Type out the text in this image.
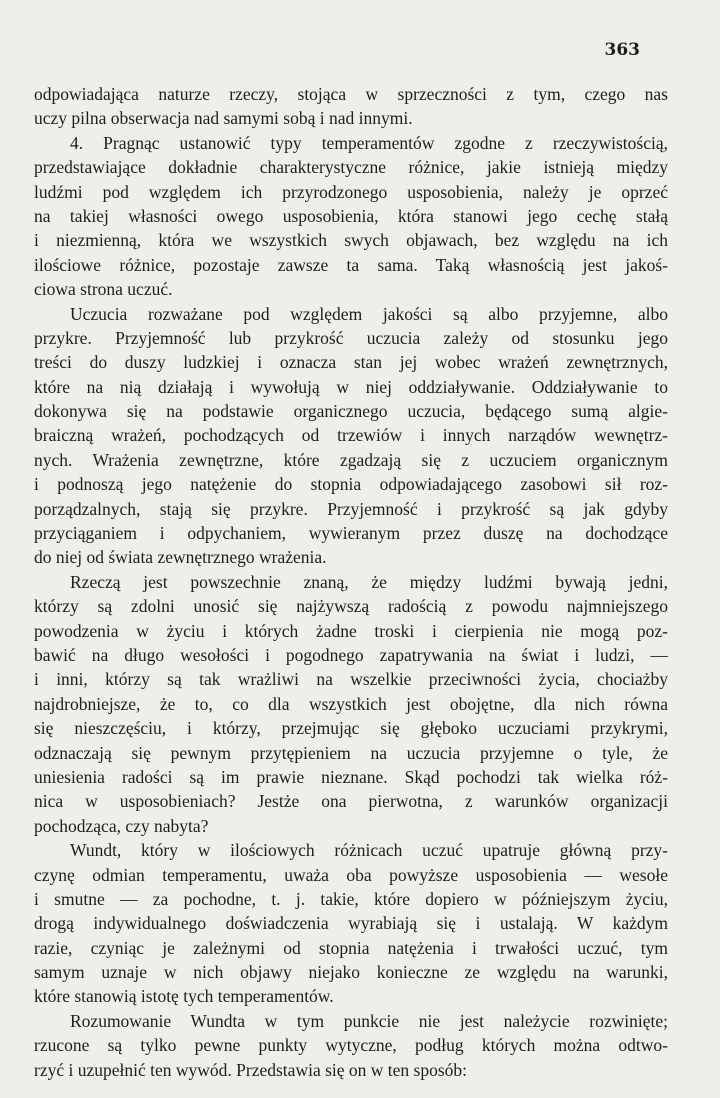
363
odpowiadająca naturze rzeczy, stojąca w sprzeczności z tym, czego nas
uczy pilna obserwacja nad samymi sobą i nad innymi.
4. Pragnąc ustanowić typy temperamentów zgodne z rzeczywistością,
przedstawiające dokładnie charakterystyczne różnice, jakie istnieją między
ludźmi pod względem ich przyrodzonego usposobienia, należy je oprzeć
na takiej własności owego usposobienia, która stanowi jego cechę stałą
i niezmienną, która we wszystkich swych objawach, bez względu na ich
ilościowe różnice, pozostaje zawsze ta sama. Taką własnością jest jakoś-
ciowa strona uczuć.
Uczucia rozważane pod względem jakości są albo przyjemne, albo
przykre. Przyjemność lub przykrość uczucia zależy od stosunku jego
treści do duszy ludzkiej i oznacza stan jej wobec wrażeń zewnętrznych,
które na nią działają i wywołują w niej oddziaływanie. Oddziaływanie to
dokonywa się na podstawie organicznego uczucia, będącego sumą algie-
braiczną wrażeń, pochodzących od trzewiów i innych narządów wewnętrz-
nych. Wrażenia zewnętrzne, które zgadzają się z uczuciem organicznym
i podnoszą jego natężenie do stopnia odpowiadającego zasobowi sił roz-
porządzalnych, stają się przykre. Przyjemność i przykrość są jak gdyby
przyciąganiem i odpychaniem, wywieranym przez duszę na dochodzące
do niej od świata zewnętrznego wrażenia.
Rzeczą jest powszechnie znaną, że między ludźmi bywają jedni,
którzy są zdolni unosić się najżywszą radością z powodu najmniejszego
powodzenia w życiu i których żadne troski i cierpienia nie mogą poz-
bawić na długo wesołości i pogodnego zapatrywania na świat i ludzi, —
i inni, którzy są tak wrażliwi na wszelkie przeciwności życia, chociażby
najdrobniejsze, że to, co dla wszystkich jest obojętne, dla nich równa
się nieszczęściu, i którzy, przejmując się głęboko uczuciami przykrymi,
odznaczają się pewnym przytępieniem na uczucia przyjemne o tyle, że
uniesienia radości są im prawie nieznane. Skąd pochodzi tak wielka róż-
nica w usposobieniach? Jestże ona pierwotna, z warunków organizacji
pochodząca, czy nabyta?
Wundt, który w ilościowych różnicach uczuć upatruje główną przy-
czynę odmian temperamentu, uważa oba powyższe usposobienia — wesołe
i smutne — za pochodne, t. j. takie, które dopiero w późniejszym życiu,
drogą indywidualnego doświadczenia wyrabiają się i ustalają. W każdym
razie, czyniąc je zależnymi od stopnia natężenia i trwałości uczuć, tym
samym uznaje w nich objawy niejako konieczne ze względu na warunki,
które stanowią istotę tych temperamentów.
Rozumowanie Wundta w tym punkcie nie jest należycie rozwinięte;
rzucone są tylko pewne punkty wytyczne, podług których można odtwo-
rzyć i uzupełnić ten wywód. Przedstawia się on w ten sposób:
